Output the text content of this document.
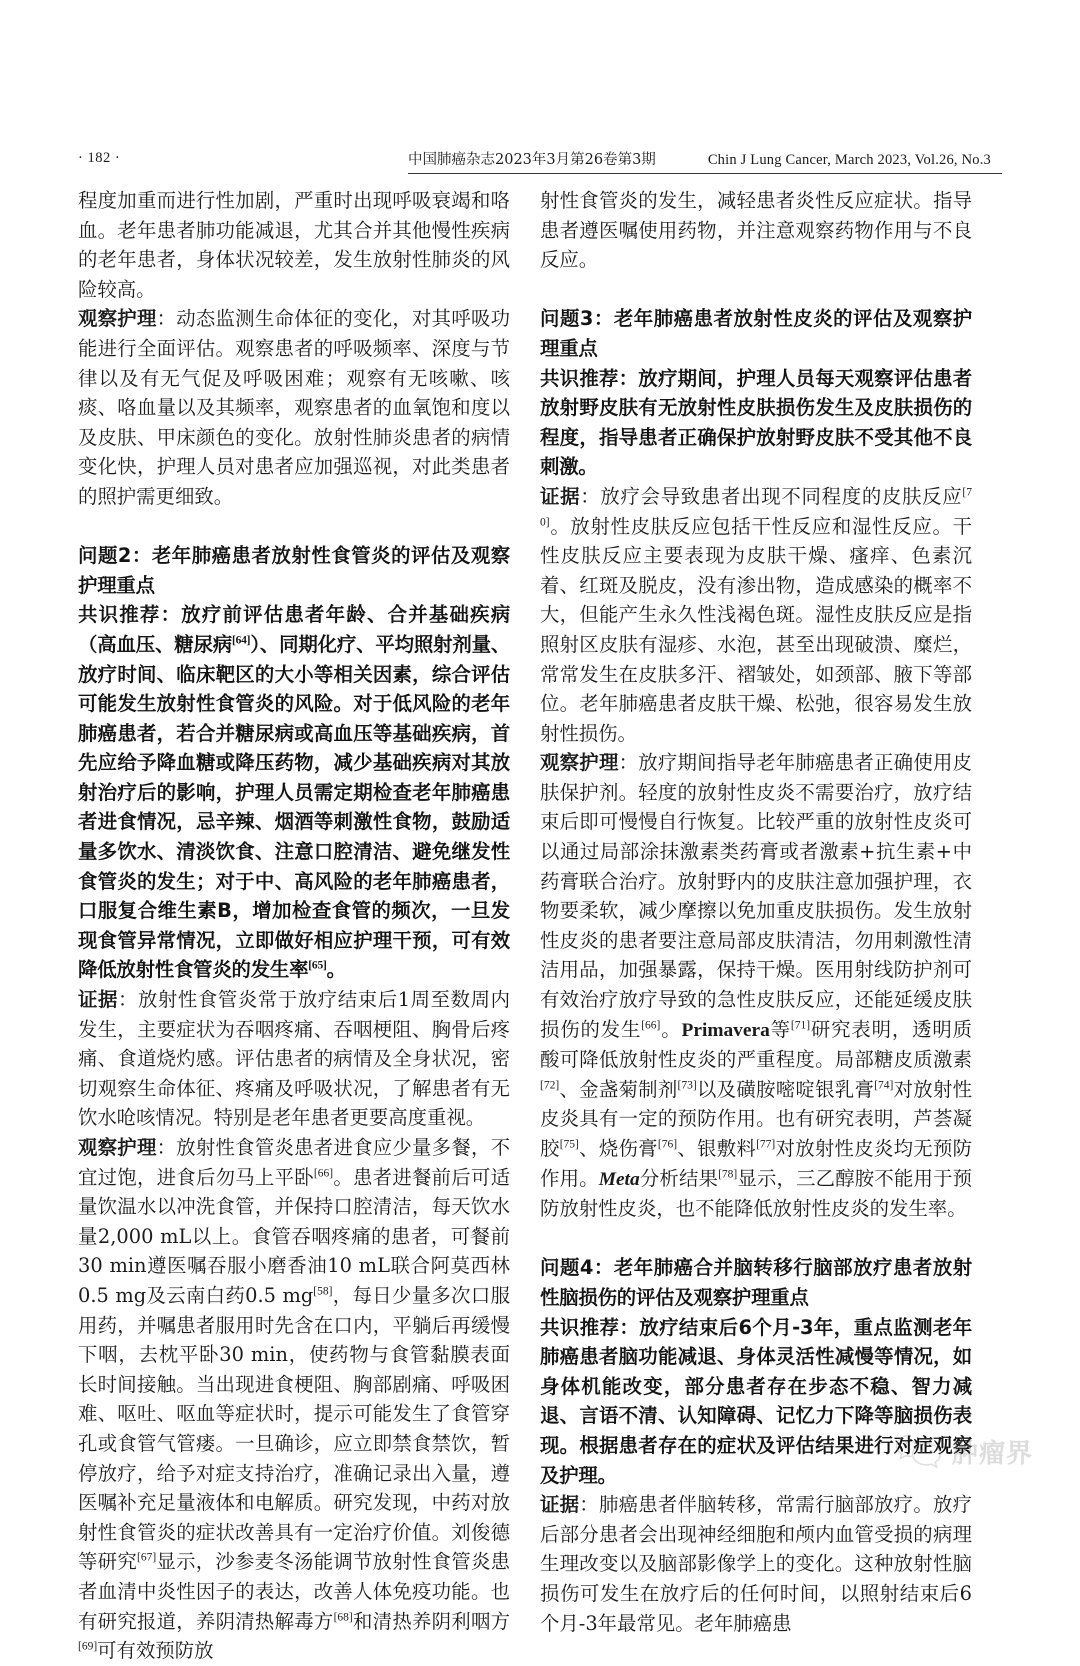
· 182 ·	中国肺癌杂志2023年3月第26卷第3期	Chin J Lung Cancer, March 2023, Vol.26, No.3

程度加重而进行性加剧，严重时出现呼吸衰竭和咯血。老年患者肺功能减退，尤其合并其他慢性疾病的老年患者，身体状况较差，发生放射性肺炎的风险较高。

观察护理：动态监测生命体征的变化，对其呼吸功能进行全面评估。观察患者的呼吸频率、深度与节律以及有无气促及呼吸困难；观察有无咳嗽、咳痰、咯血量以及其频率，观察患者的血氧饱和度以及皮肤、甲床颜色的变化。放射性肺炎患者的病情变化快，护理人员对患者应加强巡视，对此类患者的照护需更细致。

问题2：老年肺癌患者放射性食管炎的评估及观察护理重点

共识推荐：放疗前评估患者年龄、合并基础疾病（高血压、糖尿病[64]）、同期化疗、平均照射剂量、放疗时间、临床靶区的大小等相关因素，综合评估可能发生放射性食管炎的风险。对于低风险的老年肺癌患者，若合并糖尿病或高血压等基础疾病，首先应给予降血糖或降压药物，减少基础疾病对其放射治疗后的影响，护理人员需定期检查老年肺癌患者进食情况，忌辛辣、烟酒等刺激性食物，鼓励适量多饮水、清淡饮食、注意口腔清洁、避免继发性食管炎的发生；对于中、高风险的老年肺癌患者，口服复合维生素B，增加检查食管的频次，一旦发现食管异常情况，立即做好相应护理干预，可有效降低放射性食管炎的发生率[65]。

证据：放射性食管炎常于放疗结束后1周至数周内发生，主要症状为吞咽疼痛、吞咽梗阻、胸骨后疼痛、食道烧灼感。评估患者的病情及全身状况，密切观察生命体征、疼痛及呼吸状况，了解患者有无饮水呛咳情况。特别是老年患者更要高度重视。

观察护理：放射性食管炎患者进食应少量多餐，不宜过饱，进食后勿马上平卧[66]。患者进餐前后可适量饮温水以冲洗食管，并保持口腔清洁，每天饮水量2,000 mL以上。食管吞咽疼痛的患者，可餐前30 min遵医嘱吞服小磨香油10 mL联合阿莫西林0.5 mg及云南白药0.5 mg[58]，每日少量多次口服用药，并嘱患者服用时先含在口内，平躺后再缓慢下咽，去枕平卧30 min，使药物与食管黏膜表面长时间接触。当出现进食梗阻、胸部剧痛、呼吸困难、呕吐、呕血等症状时，提示可能发生了食管穿孔或食管气管瘘。一旦确诊，应立即禁食禁饮，暂停放疗，给予对症支持治疗，准确记录出入量，遵医嘱补充足量液体和电解质。研究发现，中药对放射性食管炎的症状改善具有一定治疗价值。刘俊德等研究[67]显示，沙参麦冬汤能调节放射性食管炎患者血清中炎性因子的表达，改善人体免疫功能。也有研究报道，养阴清热解毒方[68]和清热养阴利咽方[69]可有效预防放

射性食管炎的发生，减轻患者炎性反应症状。指导患者遵医嘱使用药物，并注意观察药物作用与不良反应。

问题3：老年肺癌患者放射性皮炎的评估及观察护理重点

共识推荐：放疗期间，护理人员每天观察评估患者放射野皮肤有无放射性皮肤损伤发生及皮肤损伤的程度，指导患者正确保护放射野皮肤不受其他不良刺激。

证据：放疗会导致患者出现不同程度的皮肤反应[70]。放射性皮肤反应包括干性反应和湿性反应。干性皮肤反应主要表现为皮肤干燥、瘙痒、色素沉着、红斑及脱皮，没有渗出物，造成感染的概率不大，但能产生永久性浅褐色斑。湿性皮肤反应是指照射区皮肤有湿疹、水泡，甚至出现破溃、糜烂，常常发生在皮肤多汗、褶皱处，如颈部、腋下等部位。老年肺癌患者皮肤干燥、松弛，很容易发生放射性损伤。

观察护理：放疗期间指导老年肺癌患者正确使用皮肤保护剂。轻度的放射性皮炎不需要治疗，放疗结束后即可慢慢自行恢复。比较严重的放射性皮炎可以通过局部涂抹激素类药膏或者激素+抗生素+中药膏联合治疗。放射野内的皮肤注意加强护理，衣物要柔软，减少摩擦以免加重皮肤损伤。发生放射性皮炎的患者要注意局部皮肤清洁，勿用刺激性清洁用品，加强暴露，保持干燥。医用射线防护剂可有效治疗放疗导致的急性皮肤反应，还能延缓皮肤损伤的发生[66]。Primavera等[71]研究表明，透明质酸可降低放射性皮炎的严重程度。局部糖皮质激素[72]、金盏菊制剂[73]以及磺胺嘧啶银乳膏[74]对放射性皮炎具有一定的预防作用。也有研究表明，芦荟凝胶[75]、烧伤膏[76]、银敷料[77]对放射性皮炎均无预防作用。Meta分析结果[78]显示，三乙醇胺不能用于预防放射性皮炎，也不能降低放射性皮炎的发生率。

问题4：老年肺癌合并脑转移行脑部放疗患者放射性脑损伤的评估及观察护理重点

共识推荐：放疗结束后6个月-3年，重点监测老年肺癌患者脑功能减退、身体灵活性减慢等情况，如身体机能改变，部分患者存在步态不稳、智力减退、言语不清、认知障碍、记忆力下降等脑损伤表现。根据患者存在的症状及评估结果进行对症观察及护理。

证据：肺癌患者伴脑转移，常需行脑部放疗。放疗后部分患者会出现神经细胞和颅内血管受损的病理生理改变以及脑部影像学上的变化。这种放射性脑损伤可发生在放疗后的任何时间，以照射结束后6个月-3年最常见。老年肺癌患

肿瘤界
